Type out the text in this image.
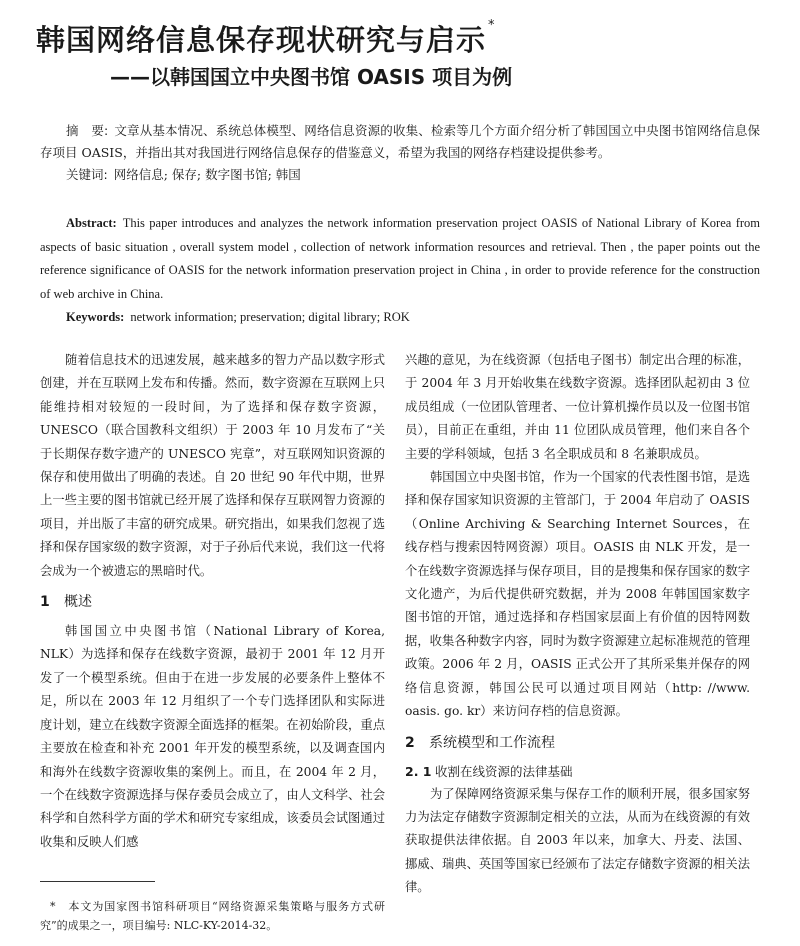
韩国网络信息保存现状研究与启示 *
——以韩国国立中央图书馆 OASIS 项目为例

摘　要: 文章从基本情况、系统总体模型、网络信息资源的收集、检索等几个方面介绍分析了韩国国立中央图书馆网络信息保存项目 OASIS，并指出其对我国进行网络信息保存的借鉴意义，希望为我国的网络存档建设提供参考。

关键词: 网络信息; 保存; 数字图书馆; 韩国

Abstract: This paper introduces and analyzes the network information preservation project OASIS of National Library of Korea from aspects of basic situation , overall system model , collection of network information resources and retrieval. Then , the paper points out the reference significance of OASIS for the network information preservation project in China , in order to provide reference for the construction of web archive in China.

Keywords: network information; preservation; digital library; ROK

随着信息技术的迅速发展，越来越多的智力产品以数字形式创建，并在互联网上发布和传播。然而，数字资源在互联网上只能维持相对较短的一段时间，为了选择和保存数字资源，UNESCO（联合国教科文组织）于 2003 年 10 月发布了“关于长期保存数字遗产的 UNESCO 宪章”，对互联网知识资源的保存和使用做出了明确的表述。自 20 世纪 90 年代中期，世界上一些主要的图书馆就已经开展了选择和保存互联网智力资源的项目，并出版了丰富的研究成果。研究指出，如果我们忽视了选择和保存国家级的数字资源，对于子孙后代来说，我们这一代将会成为一个被遗忘的黑暗时代。

1 概述

韩国国立中央图书馆（National Library of Korea, NLK）为选择和保存在线数字资源，最初于 2001 年 12 月开发了一个模型系统。但由于在进一步发展的必要条件上整体不足，所以在 2003 年 12 月组织了一个专门选择团队和实际进度计划，建立在线数字资源全面选择的框架。在初始阶段，重点主要放在检查和补充 2001 年开发的模型系统，以及调查国内和海外在线数字资源收集的案例上。而且，在 2004 年 2 月，一个在线数字资源选择与保存委员会成立了，由人文科学、社会科学和自然科学方面的学术和研究专家组成，该委员会试图通过收集和反映人们感

兴趣的意见，为在线资源（包括电子图书）制定出合理的标准，于 2004 年 3 月开始收集在线数字资源。选择团队起初由 3 位成员组成（一位团队管理者、一位计算机操作员以及一位图书馆员），目前正在重组，并由 11 位团队成员管理，他们来自各个主要的学科领域，包括 3 名全职成员和 8 名兼职成员。

韩国国立中央图书馆，作为一个国家的代表性图书馆，是选择和保存国家知识资源的主管部门，于 2004 年启动了 OASIS（Online Archiving & Searching Internet Sources，在线存档与搜索因特网资源）项目。OASIS 由 NLK 开发，是一个在线数字资源选择与保存项目，目的是搜集和保存国家的数字文化遗产，为后代提供研究数据，并为 2008 年韩国国家数字图书馆的开馆，通过选择和存档国家层面上有价值的因特网数据，收集各种数字内容，同时为数字资源建立起标准规范的管理政策。2006 年 2 月，OASIS 正式公开了其所采集并保存的网络信息资源，韩国公民可以通过项目网站（http: //www. oasis. go. kr）来访问存档的信息资源。

2 系统模型和工作流程
2. 1 收割在线资源的法律基础

为了保障网络资源采集与保存工作的顺利开展，很多国家努力为法定存储数字资源制定相关的立法，从而为在线资源的有效获取提供法律依据。自 2003 年以来，加拿大、丹麦、法国、挪威、瑞典、英国等国家已经颁布了法定存储数字资源的相关法律。

*　 本文为国家图书馆科研项目“网络资源采集策略与服务方式研究”的成果之一，项目编号: NLC-KY-2014-32。
